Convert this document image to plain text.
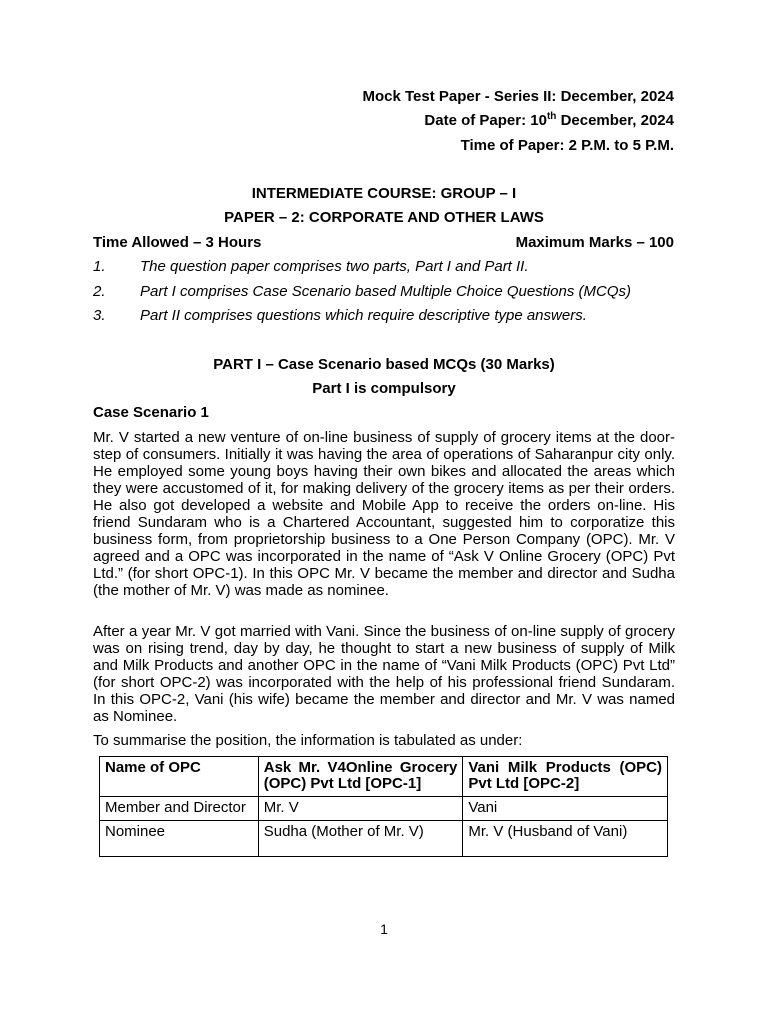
Mock Test Paper - Series II: December, 2024
Date of Paper: 10th December, 2024
Time of Paper: 2 P.M. to 5 P.M.
INTERMEDIATE COURSE: GROUP – I
PAPER – 2: CORPORATE AND OTHER LAWS
Time Allowed – 3 Hours	Maximum Marks – 100
1. The question paper comprises two parts, Part I and Part II.
2. Part I comprises Case Scenario based Multiple Choice Questions (MCQs)
3. Part II comprises questions which require descriptive type answers.
PART I – Case Scenario based MCQs (30 Marks)
Part I is compulsory
Case Scenario 1
Mr. V started a new venture of on-line business of supply of grocery items at the door- step of consumers. Initially it was having the area of operations of Saharanpur city only. He employed some young boys having their own bikes and allocated the areas which they were accustomed of it, for making delivery of the grocery items as per their orders. He also got developed a website and Mobile App to receive the orders on-line. His friend Sundaram who is a Chartered Accountant, suggested him to corporatize this business form, from proprietorship business to a One Person Company (OPC). Mr. V agreed and a OPC was incorporated in the name of “Ask V Online Grocery (OPC) Pvt Ltd.” (for short OPC-1). In this OPC Mr. V became the member and director and Sudha (the mother of Mr. V) was made as nominee.
After a year Mr. V got married with Vani. Since the business of on-line supply of grocery was on rising trend, day by day, he thought to start a new business of supply of Milk and Milk Products and another OPC in the name of “Vani Milk Products (OPC) Pvt Ltd” (for short OPC-2) was incorporated with the help of his professional friend Sundaram. In this OPC-2, Vani (his wife) became the member and director and Mr. V was named as Nominee.
To summarise the position, the information is tabulated as under:
Name of OPC	Ask Mr. V4Online Grocery (OPC) Pvt Ltd [OPC-1]	Vani Milk Products (OPC) Pvt Ltd [OPC-2]
Member and Director	Mr. V	Vani
Nominee	Sudha (Mother of Mr. V)	Mr. V (Husband of Vani)
1
